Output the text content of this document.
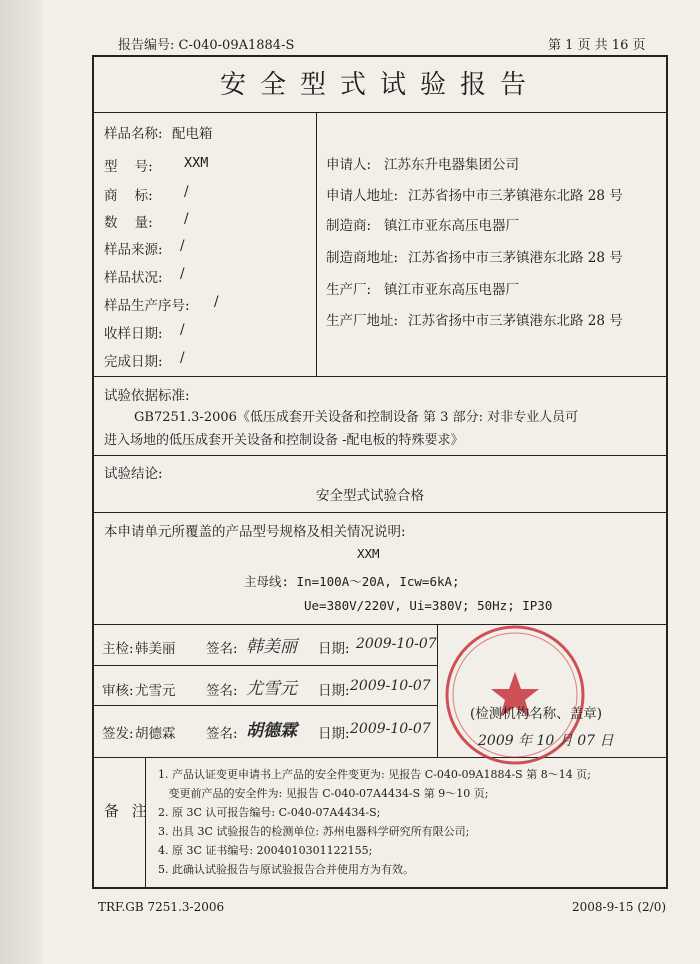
报告编号: C-040-09A1884-S	第 1 页 共 16 页
安全型式试验报告
样品名称: 配电箱
型    号: XXM
商    标: /
数    量: /
样品来源: /
样品状况: /
样品生产序号: /
收样日期: /
完成日期: /
申请人: 江苏东升电器集团公司
申请人地址: 江苏省扬中市三茅镇港东北路 28 号
制造商: 镇江市亚东高压电器厂
制造商地址: 江苏省扬中市三茅镇港东北路 28 号
生产厂: 镇江市亚东高压电器厂
生产厂地址: 江苏省扬中市三茅镇港东北路 28 号
试验依据标准:
GB7251.3-2006《低压成套开关设备和控制设备 第 3 部分: 对非专业人员可
进入场地的低压成套开关设备和控制设备 -配电板的特殊要求》
试验结论:
安全型式试验合格
本申请单元所覆盖的产品型号规格及相关情况说明:
XXM
主母线: In=100A～20A, Icw=6kA;
Ue=380V/220V, Ui=380V; 50Hz; IP30
主检: 韩美丽 签名: 韩美丽 日期: 2009-10-07
审核: 尤雪元 签名: 尤雪元 日期: 2009-10-07
签发: 胡德霖 签名: 胡德霖 日期: 2009-10-07
(检测机构名称、盖章)
2009 年 10 月 07 日
备 注
1. 产品认证变更申请书上产品的安全件变更为: 见报告 C-040-09A1884-S 第 8～14 页;
变更前产品的安全件为: 见报告 C-040-07A4434-S 第 9～10 页;
2. 原 3C 认可报告编号: C-040-07A4434-S;
3. 出具 3C 试验报告的检测单位: 苏州电器科学研究所有限公司;
4. 原 3C 证书编号: 2004010301122155;
5. 此确认试验报告与原试验报告合并使用方为有效。
TRF.GB 7251.3-2006	2008-9-15 (2/0)
